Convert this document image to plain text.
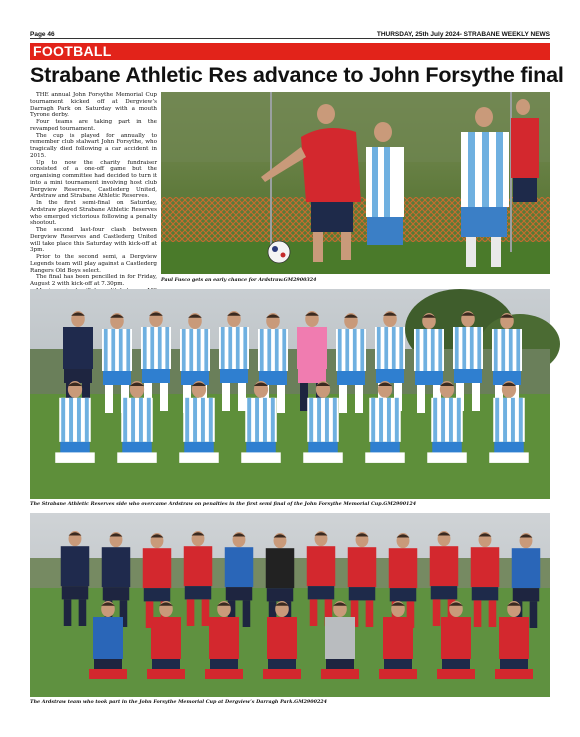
Page 46	THURSDAY, 25th July 2024- STRABANE WEEKLY NEWS
FOOTBALL
Strabane Athletic Res advance to John Forsythe final

THE annual John Forsythe Memorial Cup tournament kicked off at Dergview’s Darragh Park on Saturday with a mouth Tyrone derby.

Four teams are taking part in the revamped tournament.

The cup is played for annually to remember club stalwart John Forsythe, who tragically died following a car accident in 2015.

Up to now the charity fundraiser consisted of a one-off game but the organising committee had decided to turn it into a mini tournament involving host club Dergview Reserves, Castlederg United, Ardstraw and Strabane Athletic Reserves.

In the first semi-final on Saturday, Ardstraw played Strabane Athletic Reserves who emerged victorious following a penalty shootout.

The second last-four clash between Dergview Reserves and Castlederg United will take place this Saturday with kick-off at 3pm.

Prior to the second semi, a Dergview Legends team will play against a Castlederg Rangers Old Boys select.

The final has been pencilled in for Friday, August 2 with kick-off at 7.30pm.

Paul Fusco gets an early chance for Ardstraw.GM2900324
The Strabane Athletic Reserves side who overcame Ardstraw on penalties in the first semi final of the John Forsythe Memorial Cup.GM2900124
The Ardstraw team who took part in the John Forsythe Memorial Cup at Dergview’s Darragh Park.GM2900224
